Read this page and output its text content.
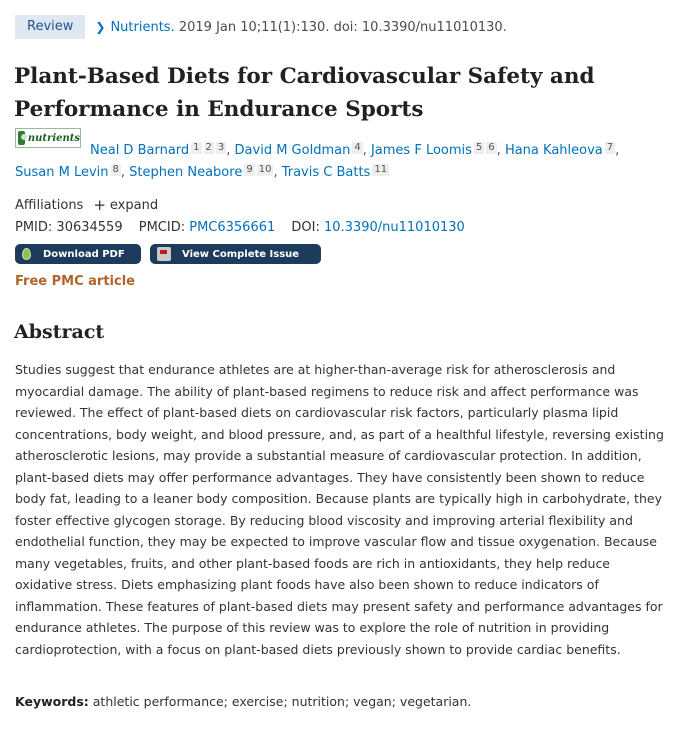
Review	❯ Nutrients.
2019 Jan 10;11(1):130. doi: 10.3390/nu11010130.
Plant-Based Diets for Cardiovascular Safety and Performance in Endurance Sports
nutrients
Neal D Barnard 1 2 3 , David M Goldman 4 , James F Loomis 5 6 , Hana Kahleova 7 ,
Susan M Levin 8 , Stephen Neabore 9 10 , Travis C Batts 11
Affiliations + expand
PMID: 30634559 PMCID: PMC6356661 DOI: 10.3390/nu11010130
Download PDF	View Complete Issue
Free PMC article
Abstract

Studies suggest that endurance athletes are at higher-than-average risk for atherosclerosis and myocardial damage. The ability of plant-based regimens to reduce risk and affect performance was reviewed. The effect of plant-based diets on cardiovascular risk factors, particularly plasma lipid concentrations, body weight, and blood pressure, and, as part of a healthful lifestyle, reversing existing atherosclerotic lesions, may provide a substantial measure of cardiovascular protection. In addition, plant-based diets may offer performance advantages. They have consistently been shown to reduce body fat, leading to a leaner body composition. Because plants are typically high in carbohydrate, they foster effective glycogen storage. By reducing blood viscosity and improving arterial flexibility and endothelial function, they may be expected to improve vascular flow and tissue oxygenation. Because many vegetables, fruits, and other plant-based foods are rich in antioxidants, they help reduce oxidative stress. Diets emphasizing plant foods have also been shown to reduce indicators of inflammation. These features of plant-based diets may present safety and performance advantages for endurance athletes. The purpose of this review was to explore the role of nutrition in providing cardioprotection, with a focus on plant-based diets previously shown to provide cardiac benefits.

Keywords: athletic performance; exercise; nutrition; vegan; vegetarian.
